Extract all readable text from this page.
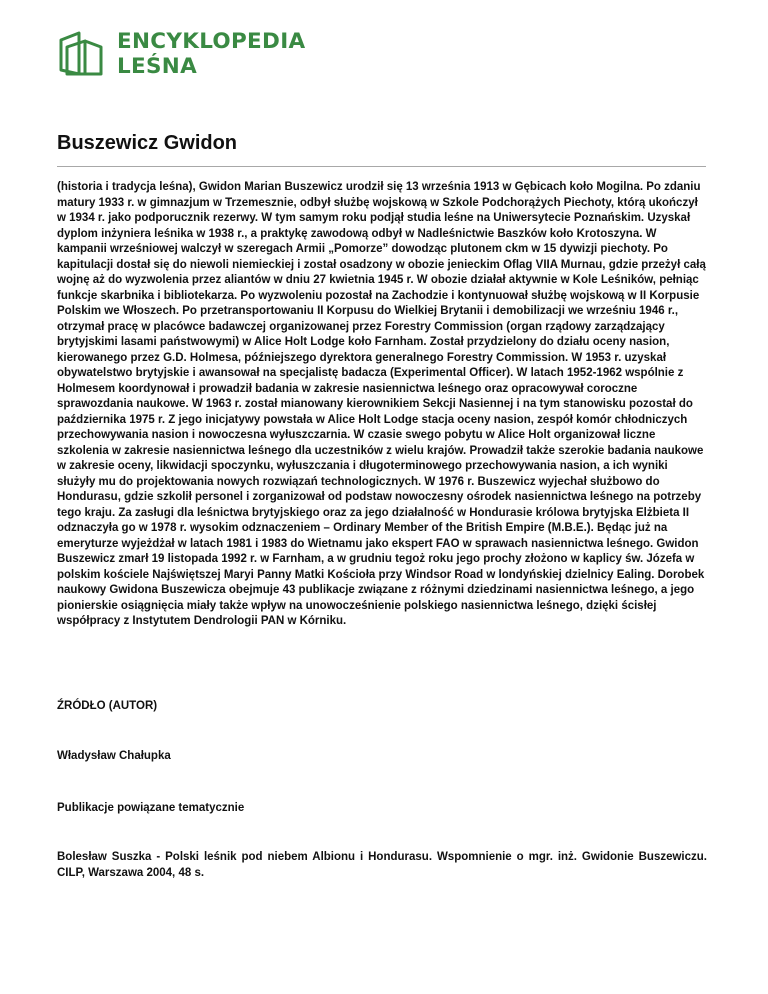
ENCYKLOPEDIA
LEŚNA
Buszewicz Gwidon

(historia i tradycja leśna), Gwidon Marian Buszewicz urodził się 13 września 1913 w Gębicach koło Mogilna. Po zdaniu matury 1933 r. w gimnazjum w Trzemesznie, odbył służbę wojskową w Szkole Podchorążych Piechoty, którą ukończył w 1934 r. jako podporucznik rezerwy. W tym samym roku podjął studia leśne na Uniwersytecie Poznańskim. Uzyskał dyplom inżyniera leśnika w 1938 r., a praktykę zawodową odbył w Nadleśnictwie Baszków koło Krotoszyna. W kampanii wrześniowej walczył w szeregach Armii „Pomorze” dowodząc plutonem ckm w 15 dywizji piechoty. Po kapitulacji dostał się do niewoli niemieckiej i został osadzony w obozie jenieckim Oflag VIIA Murnau, gdzie przeżył całą wojnę aż do wyzwolenia przez aliantów w dniu 27 kwietnia 1945 r. W obozie działał aktywnie w Kole Leśników, pełniąc funkcje skarbnika i bibliotekarza. Po wyzwoleniu pozostał na Zachodzie i kontynuował służbę wojskową w II Korpusie Polskim we Włoszech. Po przetransportowaniu II Korpusu do Wielkiej Brytanii i demobilizacji we wrześniu 1946 r., otrzymał pracę w placówce badawczej organizowanej przez Forestry Commission (organ rządowy zarządzający brytyjskimi lasami państwowymi) w Alice Holt Lodge koło Farnham. Został przydzielony do działu oceny nasion, kierowanego przez G.D. Holmesa, późniejszego dyrektora generalnego Forestry Commission. W 1953 r. uzyskał obywatelstwo brytyjskie i awansował na specjalistę badacza (Experimental Officer). W latach 1952-1962 wspólnie z Holmesem koordynował i prowadził badania w zakresie nasiennictwa leśnego oraz opracowywał coroczne sprawozdania naukowe. W 1963 r. został mianowany kierownikiem Sekcji Nasiennej i na tym stanowisku pozostał do października 1975 r. Z jego inicjatywy powstała w Alice Holt Lodge stacja oceny nasion, zespół komór chłodniczych przechowywania nasion i nowoczesna wyłuszczarnia. W czasie swego pobytu w Alice Holt organizował liczne szkolenia w zakresie nasiennictwa leśnego dla uczestników z wielu krajów. Prowadził także szerokie badania naukowe w zakresie oceny, likwidacji spoczynku, wyłuszczania i długoterminowego przechowywania nasion, a ich wyniki służyły mu do projektowania nowych rozwiązań technologicznych. W 1976 r. Buszewicz wyjechał służbowo do Hondurasu, gdzie szkolił personel i zorganizował od podstaw nowoczesny ośrodek nasiennictwa leśnego na potrzeby tego kraju. Za zasługi dla leśnictwa brytyjskiego oraz za jego działalność w Hondurasie królowa brytyjska Elżbieta II odznaczyła go w 1978 r. wysokim odznaczeniem – Ordinary Member of the British Empire (M.B.E.). Będąc już na emeryturze wyjeżdżał w latach 1981 i 1983 do Wietnamu jako ekspert FAO w sprawach nasiennictwa leśnego. Gwidon Buszewicz zmarł 19 listopada 1992 r. w Farnham, a w grudniu tegoż roku jego prochy złożono w kaplicy św. Józefa w polskim kościele Najświętszej Maryi Panny Matki Kościoła przy Windsor Road w londyńskiej dzielnicy Ealing. Dorobek naukowy Gwidona Buszewicza obejmuje 43 publikacje związane z różnymi dziedzinami nasiennictwa leśnego, a jego pionierskie osiągnięcia miały także wpływ na unowocześnienie polskiego nasiennictwa leśnego, dzięki ścisłej współpracy z Instytutem Dendrologii PAN w Kórniku.

ŹRÓDŁO (AUTOR)

Władysław Chałupka

Publikacje powiązane tematycznie

Bolesław Suszka - Polski leśnik pod niebem Albionu i Hondurasu. Wspomnienie o mgr. inż. Gwidonie Buszewiczu. CILP, Warszawa 2004, 48 s.
